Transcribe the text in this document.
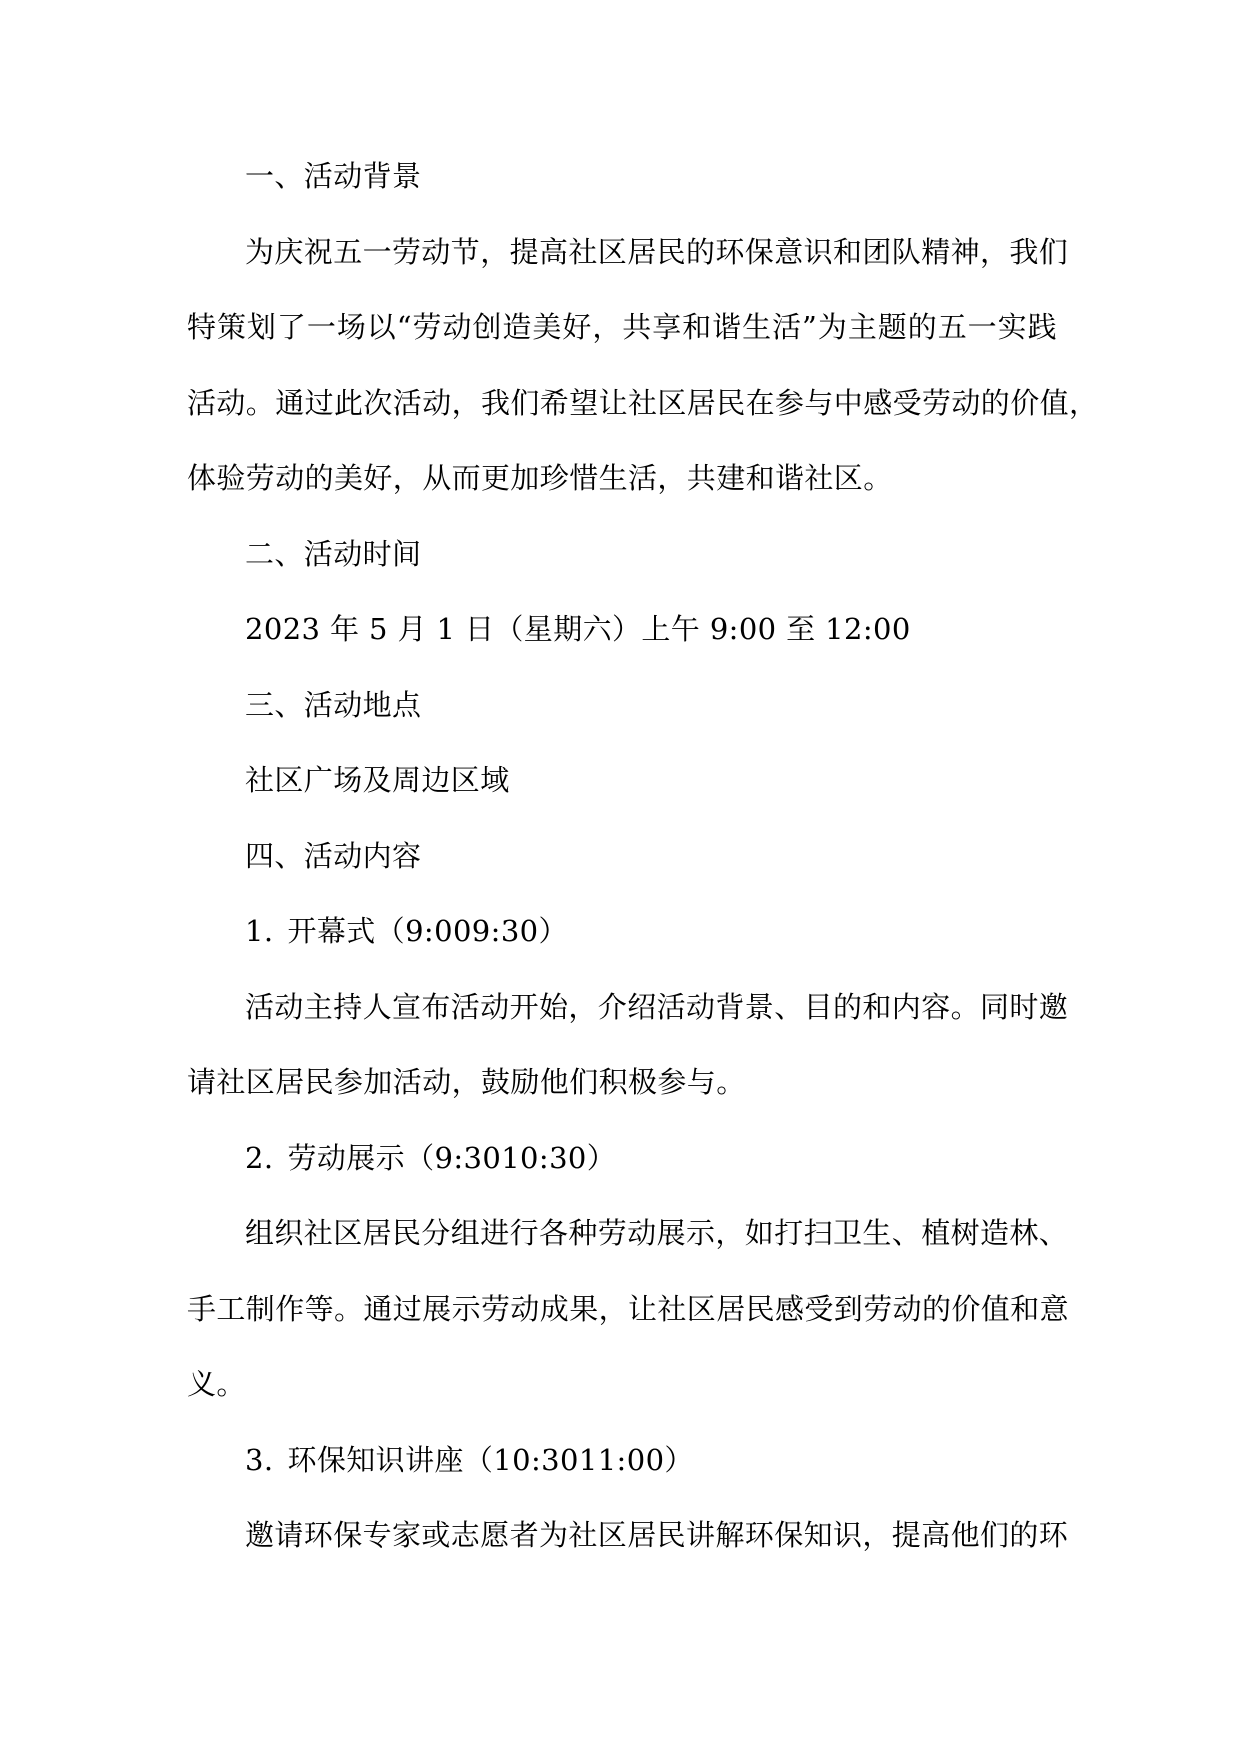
一、活动背景
为庆祝五一劳动节，提高社区居民的环保意识和团队精神，我们
特策划了一场以“劳动创造美好，共享和谐生活”为主题的五一实践
活动。通过此次活动，我们希望让社区居民在参与中感受劳动的价值，
体验劳动的美好，从而更加珍惜生活，共建和谐社区。
二、活动时间
2023 年 5 月 1 日（星期六）上午 9:00 至 12:00
三、活动地点
社区广场及周边区域
四、活动内容
1. 开幕式（9:009:30）
活动主持人宣布活动开始，介绍活动背景、目的和内容。同时邀
请社区居民参加活动，鼓励他们积极参与。
2. 劳动展示（9:3010:30）
组织社区居民分组进行各种劳动展示，如打扫卫生、植树造林、
手工制作等。通过展示劳动成果，让社区居民感受到劳动的价值和意
义。
3. 环保知识讲座（10:3011:00）
邀请环保专家或志愿者为社区居民讲解环保知识，提高他们的环
